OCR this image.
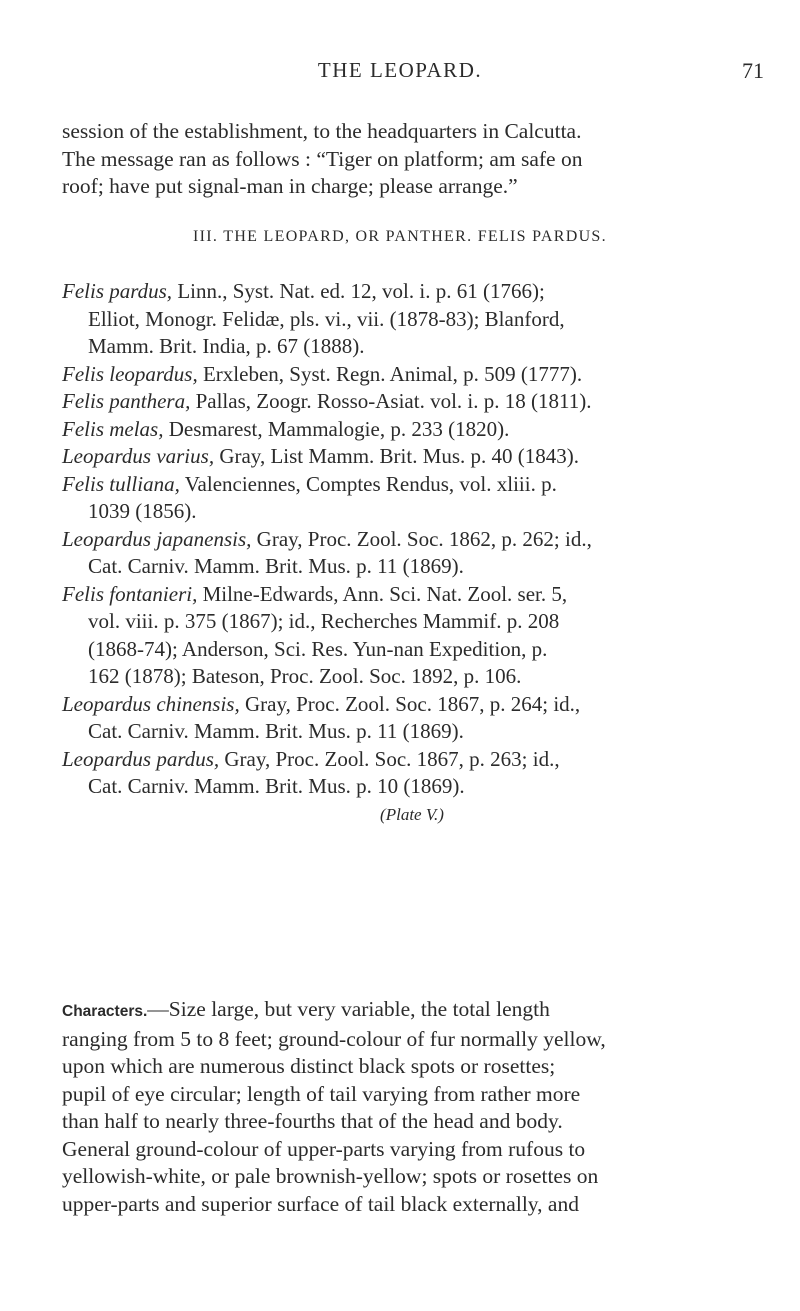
THE LEOPARD.	71
session of the establishment, to the headquarters in Calcutta.
The message ran as follows : “Tiger on platform; am safe on
roof; have put signal-man in charge; please arrange.”
III. THE LEOPARD, OR PANTHER. FELIS PARDUS.
Felis pardus, Linn., Syst. Nat. ed. 12, vol. i. p. 61 (1766);
Elliot, Monogr. Felidæ, pls. vi., vii. (1878-83); Blanford,
Mamm. Brit. India, p. 67 (1888).
Felis leopardus, Erxleben, Syst. Regn. Animal, p. 509 (1777).
Felis panthera, Pallas, Zoogr. Rosso-Asiat. vol. i. p. 18 (1811).
Felis melas, Desmarest, Mammalogie, p. 233 (1820).
Leopardus varius, Gray, List Mamm. Brit. Mus. p. 40 (1843).
Felis tulliana, Valenciennes, Comptes Rendus, vol. xliii. p.
1039 (1856).
Leopardus japanensis, Gray, Proc. Zool. Soc. 1862, p. 262; id.,
Cat. Carniv. Mamm. Brit. Mus. p. 11 (1869).
Felis fontanieri, Milne-Edwards, Ann. Sci. Nat. Zool. ser. 5,
vol. viii. p. 375 (1867); id., Recherches Mammif. p. 208
(1868-74); Anderson, Sci. Res. Yun-nan Expedition, p.
162 (1878); Bateson, Proc. Zool. Soc. 1892, p. 106.
Leopardus chinensis, Gray, Proc. Zool. Soc. 1867, p. 264; id.,
Cat. Carniv. Mamm. Brit. Mus. p. 11 (1869).
Leopardus pardus, Gray, Proc. Zool. Soc. 1867, p. 263; id.,
Cat. Carniv. Mamm. Brit. Mus. p. 10 (1869).
(Plate V.)
Characters.—Size large, but very variable, the total length
ranging from 5 to 8 feet; ground-colour of fur normally yellow,
upon which are numerous distinct black spots or rosettes;
pupil of eye circular; length of tail varying from rather more
than half to nearly three-fourths that of the head and body.
General ground-colour of upper-parts varying from rufous to
yellowish-white, or pale brownish-yellow; spots or rosettes on
upper-parts and superior surface of tail black externally, and
